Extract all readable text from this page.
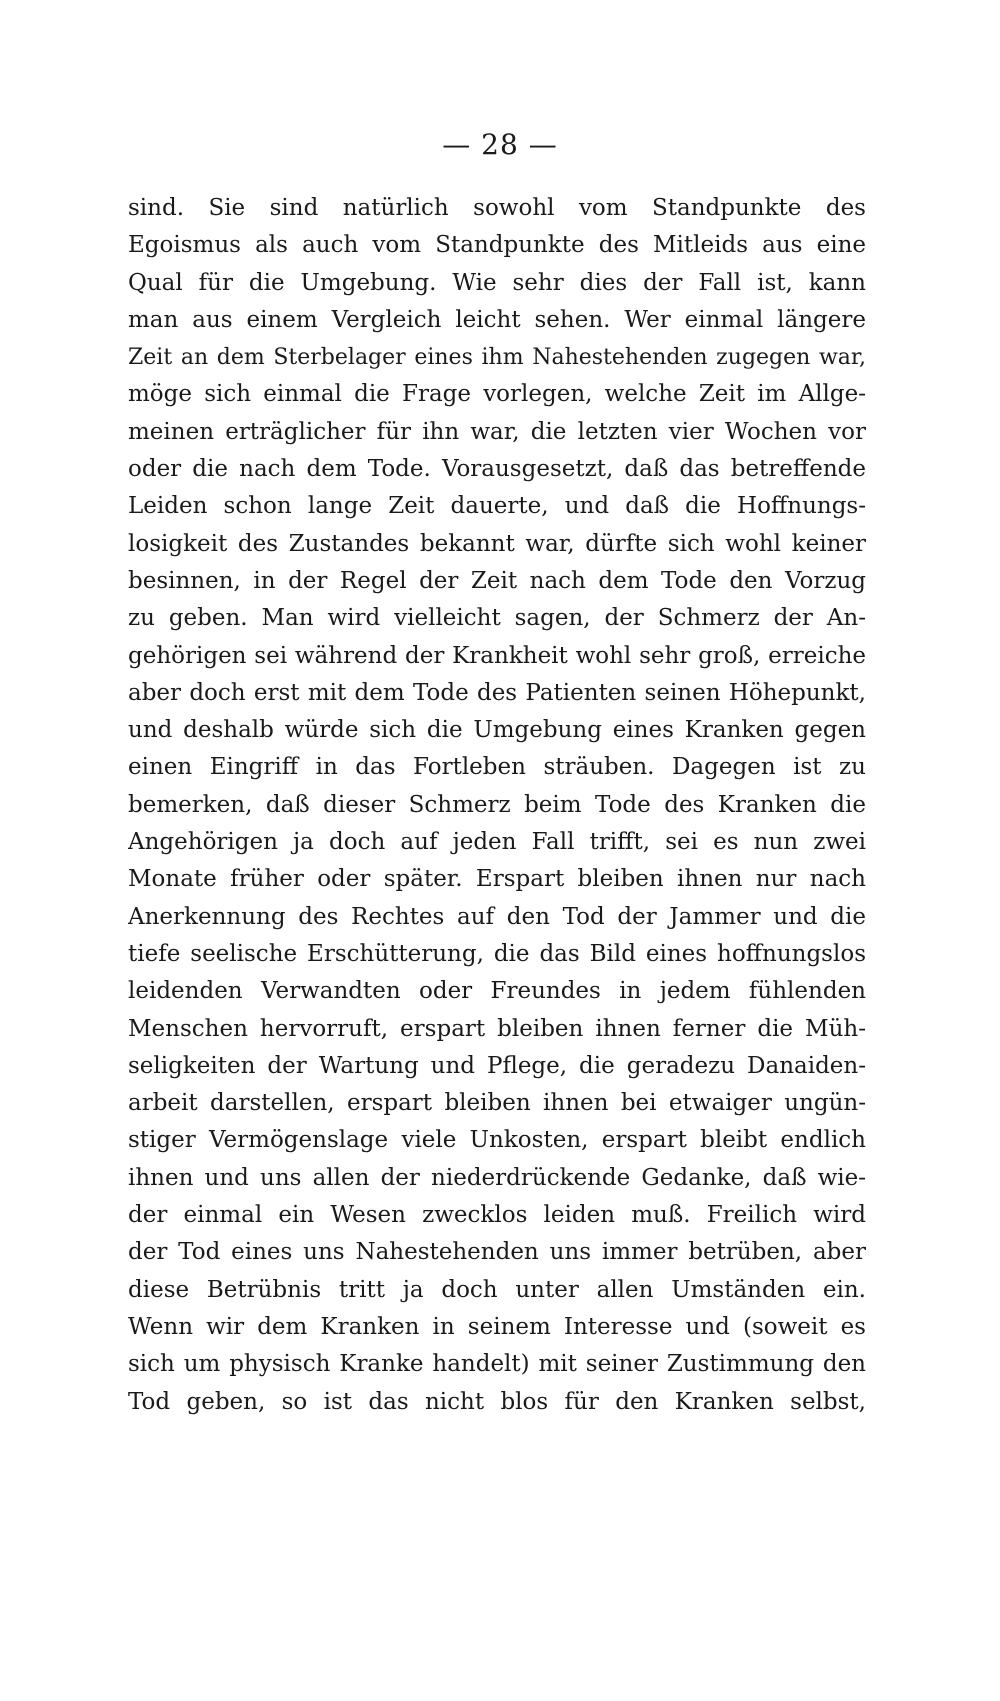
— 28 —
sind. Sie sind natürlich sowohl vom Standpunkte des
Egoismus als auch vom Standpunkte des Mitleids aus eine
Qual für die Umgebung. Wie sehr dies der Fall ist, kann
man aus einem Vergleich leicht sehen. Wer einmal längere
Zeit an dem Sterbelager eines ihm Nahestehenden zugegen war,
möge sich einmal die Frage vorlegen, welche Zeit im Allge-
meinen erträglicher für ihn war, die letzten vier Wochen vor
oder die nach dem Tode. Vorausgesetzt, daß das betreffende
Leiden schon lange Zeit dauerte, und daß die Hoffnungs-
losigkeit des Zustandes bekannt war, dürfte sich wohl keiner
besinnen, in der Regel der Zeit nach dem Tode den Vorzug
zu geben. Man wird vielleicht sagen, der Schmerz der An-
gehörigen sei während der Krankheit wohl sehr groß, erreiche
aber doch erst mit dem Tode des Patienten seinen Höhepunkt,
und deshalb würde sich die Umgebung eines Kranken gegen
einen Eingriff in das Fortleben sträuben. Dagegen ist zu
bemerken, daß dieser Schmerz beim Tode des Kranken die
Angehörigen ja doch auf jeden Fall trifft, sei es nun zwei
Monate früher oder später. Erspart bleiben ihnen nur nach
Anerkennung des Rechtes auf den Tod der Jammer und die
tiefe seelische Erschütterung, die das Bild eines hoffnungslos
leidenden Verwandten oder Freundes in jedem fühlenden
Menschen hervorruft, erspart bleiben ihnen ferner die Müh-
seligkeiten der Wartung und Pflege, die geradezu Danaiden-
arbeit darstellen, erspart bleiben ihnen bei etwaiger ungün-
stiger Vermögenslage viele Unkosten, erspart bleibt endlich
ihnen und uns allen der niederdrückende Gedanke, daß wie-
der einmal ein Wesen zwecklos leiden muß. Freilich wird
der Tod eines uns Nahestehenden uns immer betrüben, aber
diese Betrübnis tritt ja doch unter allen Umständen ein.
Wenn wir dem Kranken in seinem Interesse und (soweit es
sich um physisch Kranke handelt) mit seiner Zustimmung den
Tod geben, so ist das nicht blos für den Kranken selbst,
